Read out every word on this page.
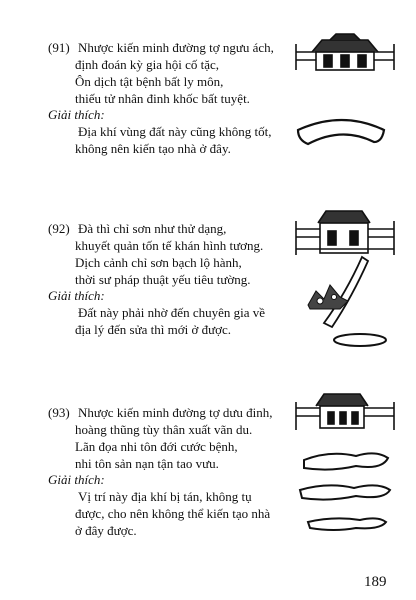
(91) Nhược kiến minh đường tợ ngưu ách,
định đoán kỳ gia hội cố tặc,
Ôn dịch tật bệnh bất ly môn,
thiếu tử nhân đinh khốc bất tuyệt.
Giải thích:
Địa khí vùng đất này cũng không tốt,
không nên kiến tạo nhà ở đây.
(92) Đà thì chỉ sơn như thử dạng,
khuyết quản tốn tế khán hình tương.
Dịch cảnh chỉ sơn bạch lộ hành,
thời sư pháp thuật yếu tiêu tường.
Giải thích:
Đất này phải nhờ đến chuyên gia về
địa lý đến sửa thì mới ở được.
(93) Nhược kiến minh đường tợ dưu đinh,
hoàng thũng tùy thân xuất vãn du.
Lãn đọa nhi tôn đới cước bệnh,
nhi tôn sản nạn tận tao vưu.
Giải thích:
Vị trí này địa khí bị tán, không tụ
được, cho nên không thể kiến tạo nhà
ở đây được.
189
